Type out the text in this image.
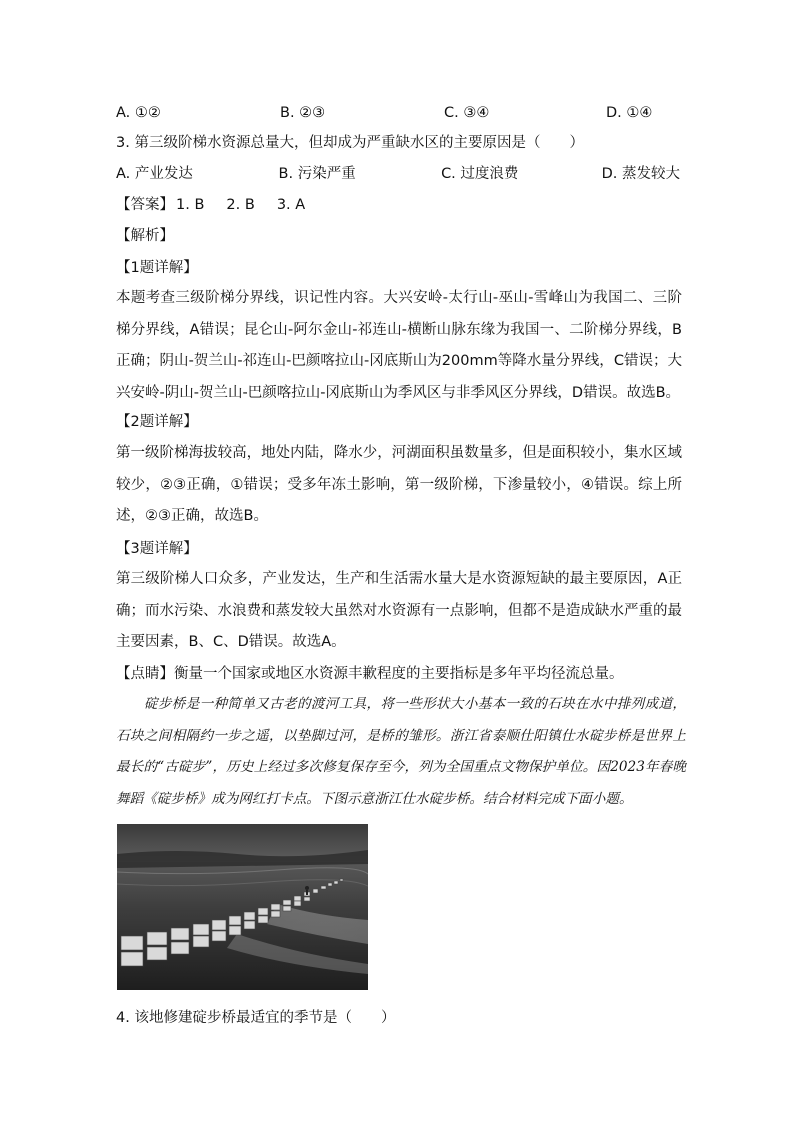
A. ①②	B. ②③	C. ③④	D. ①④
3. 第三级阶梯水资源总量大，但却成为严重缺水区的主要原因是（　　）
A. 产业发达	B. 污染严重	C. 过度浪费	D. 蒸发较大
【答案】 1. B 2. B 3. A
【解析】
【1题详解】
本题考查三级阶梯分界线，识记性内容。大兴安岭-太行山-巫山-雪峰山为我国二、三阶梯分界线，A错误；昆仑山-阿尔金山-祁连山-横断山脉东缘为我国一、二阶梯分界线，B正确；阴山-贺兰山-祁连山-巴颜喀拉山-冈底斯山为200mm等降水量分界线，C错误；大兴安岭-阴山-贺兰山-巴颜喀拉山-冈底斯山为季风区与非季风区分界线，D错误。故选B。
【2题详解】
第一级阶梯海拔较高，地处内陆，降水少，河湖面积虽数量多，但是面积较小，集水区域较少，②③正确，①错误；受多年冻土影响，第一级阶梯，下渗量较小，④错误。综上所述，②③正确，故选B。
【3题详解】
第三级阶梯人口众多，产业发达，生产和生活需水量大是水资源短缺的最主要原因，A正确；而水污染、水浪费和蒸发较大虽然对水资源有一点影响，但都不是造成缺水严重的最主要因素，B、C、D错误。故选A。
【点睛】衡量一个国家或地区水资源丰歉程度的主要指标是多年平均径流总量。
碇步桥是一种简单又古老的渡河工具，将一些形状大小基本一致的石块在水中排列成道，石块之间相隔约一步之遥，以垫脚过河，是桥的雏形。浙江省泰顺仕阳镇仕水碇步桥是世界上最长的“古碇步”，历史上经过多次修复保存至今，列为全国重点文物保护单位。因2023年春晚舞蹈《碇步桥》成为网红打卡点。下图示意浙江仕水碇步桥。结合材料完成下面小题。
4. 该地修建碇步桥最适宜的季节是（　　）
